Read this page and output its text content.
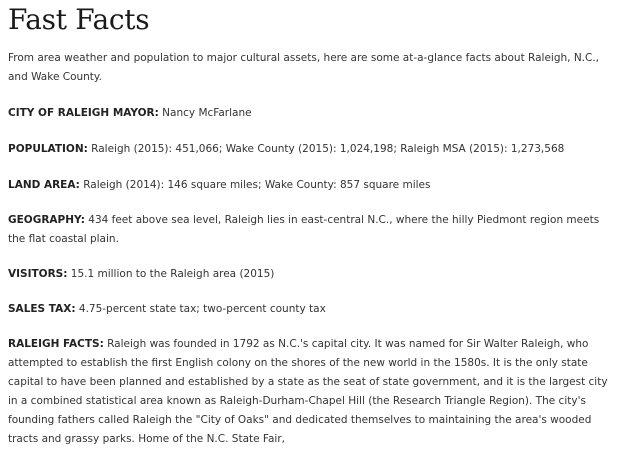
Fast Facts

From area weather and population to major cultural assets, here are some at-a-glance facts about Raleigh, N.C., and Wake County.

CITY OF RALEIGH MAYOR: Nancy McFarlane

POPULATION: Raleigh (2015): 451,066; Wake County (2015): 1,024,198; Raleigh MSA (2015): 1,273,568

LAND AREA: Raleigh (2014): 146 square miles; Wake County: 857 square miles

GEOGRAPHY: 434 feet above sea level, Raleigh lies in east-central N.C., where the hilly Piedmont region meets the flat coastal plain.

VISITORS: 15.1 million to the Raleigh area (2015)

SALES TAX: 4.75-percent state tax; two-percent county tax

RALEIGH FACTS: Raleigh was founded in 1792 as N.C.'s capital city. It was named for Sir Walter Raleigh, who attempted to establish the first English colony on the shores of the new world in the 1580s. It is the only state capital to have been planned and established by a state as the seat of state government, and it is the largest city in a combined statistical area known as Raleigh-Durham-Chapel Hill (the Research Triangle Region). The city's founding fathers called Raleigh the "City of Oaks" and dedicated themselves to maintaining the area's wooded tracts and grassy parks. Home of the N.C. State Fair,
